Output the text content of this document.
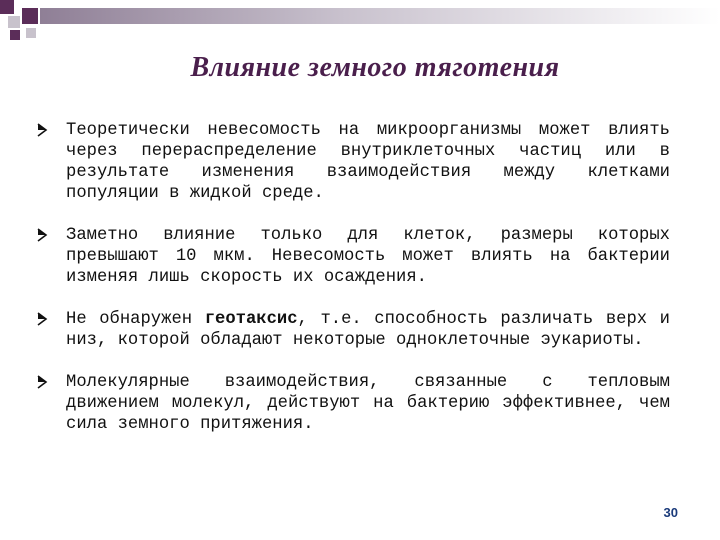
Влияние земного тяготения
Теоретически невесомость на микроорганизмы может влиять через перераспределение внутриклеточных частиц или в результате изменения взаимодействия между клетками популяции в жидкой среде.
Заметно влияние только для клеток, размеры которых превышают 10 мкм. Невесомость может влиять на бактерии изменяя лишь скорость их осаждения.
Не обнаружен геотаксис, т.е. способность различать верх и низ, которой обладают некоторые одноклеточные эукариоты.
Молекулярные взаимодействия, связанные с тепловым движением молекул, действуют на бактерию эффективнее, чем сила земного притяжения.
30
